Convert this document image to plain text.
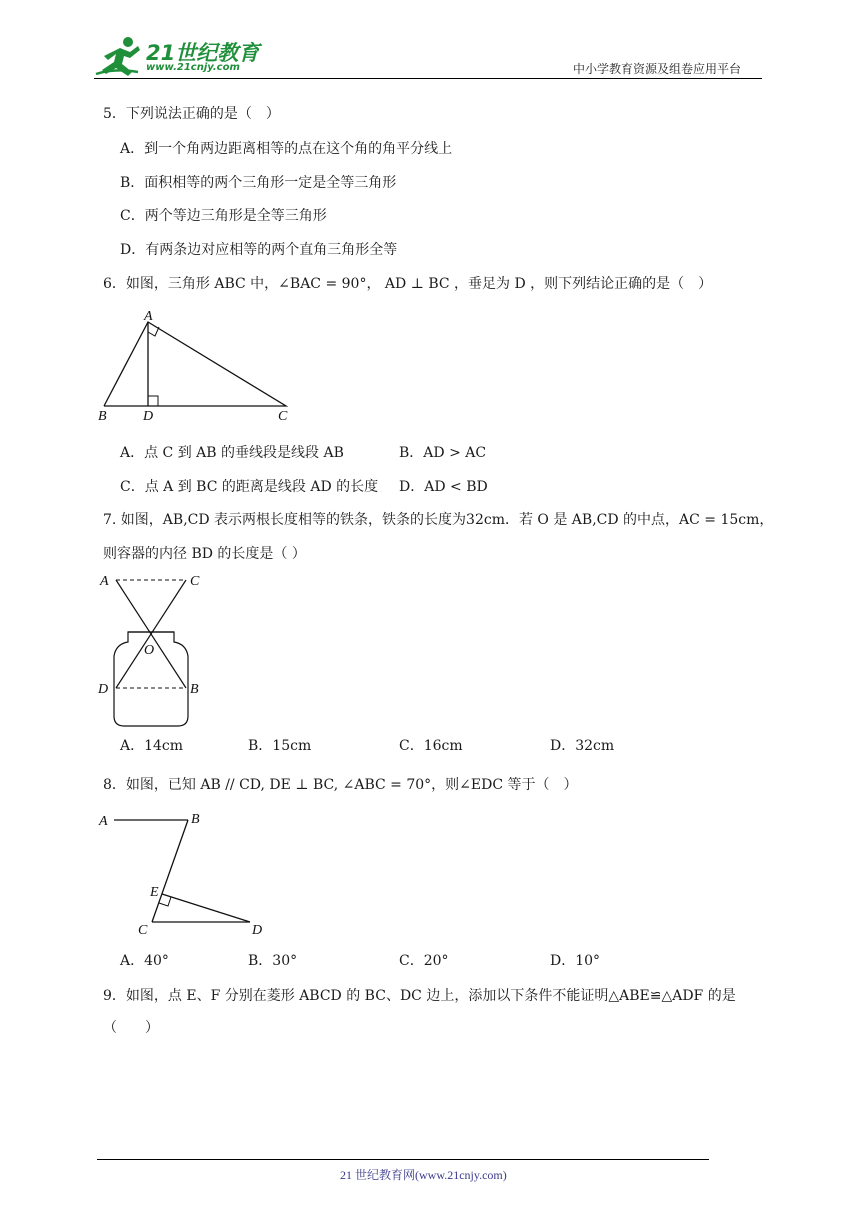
21世纪教育
www.21cnjy.com	中小学教育资源及组卷应用平台
5．下列说法正确的是（　）
A．到一个角两边距离相等的点在这个角的角平分线上
B．面积相等的两个三角形一定是全等三角形
C．两个等边三角形是全等三角形
D．有两条边对应相等的两个直角三角形全等
6．如图，三角形 ABC 中，∠BAC = 90°， AD ⊥ BC ，垂足为 D ，则下列结论正确的是（　）
A
B	D	C
A．点 C 到 AB 的垂线段是线段 AB	B．AD > AC
C．点 A 到 BC 的距离是线段 AD 的长度 D．AD < BD
7. 如图，AB,CD 表示两根长度相等的铁条，铁条的长度为32cm．若 O 是 AB,CD 的中点，AC = 15cm，
则容器的内径 BD 的长度是（ ）
A	C
O
D	B
A．14cm	B．15cm	C．16cm	D．32cm
8．如图，已知 AB // CD, DE ⊥ BC, ∠ABC = 70°，则∠EDC 等于（　）
A	B
E
C	D
A．40°	B．30°	C．20°	D．10°
9．如图，点 E、F 分别在菱形 ABCD 的 BC、DC 边上，添加以下条件不能证明△ABE≌△ADF 的是
（　　）
21 世纪教育网(www.21cnjy.com)
